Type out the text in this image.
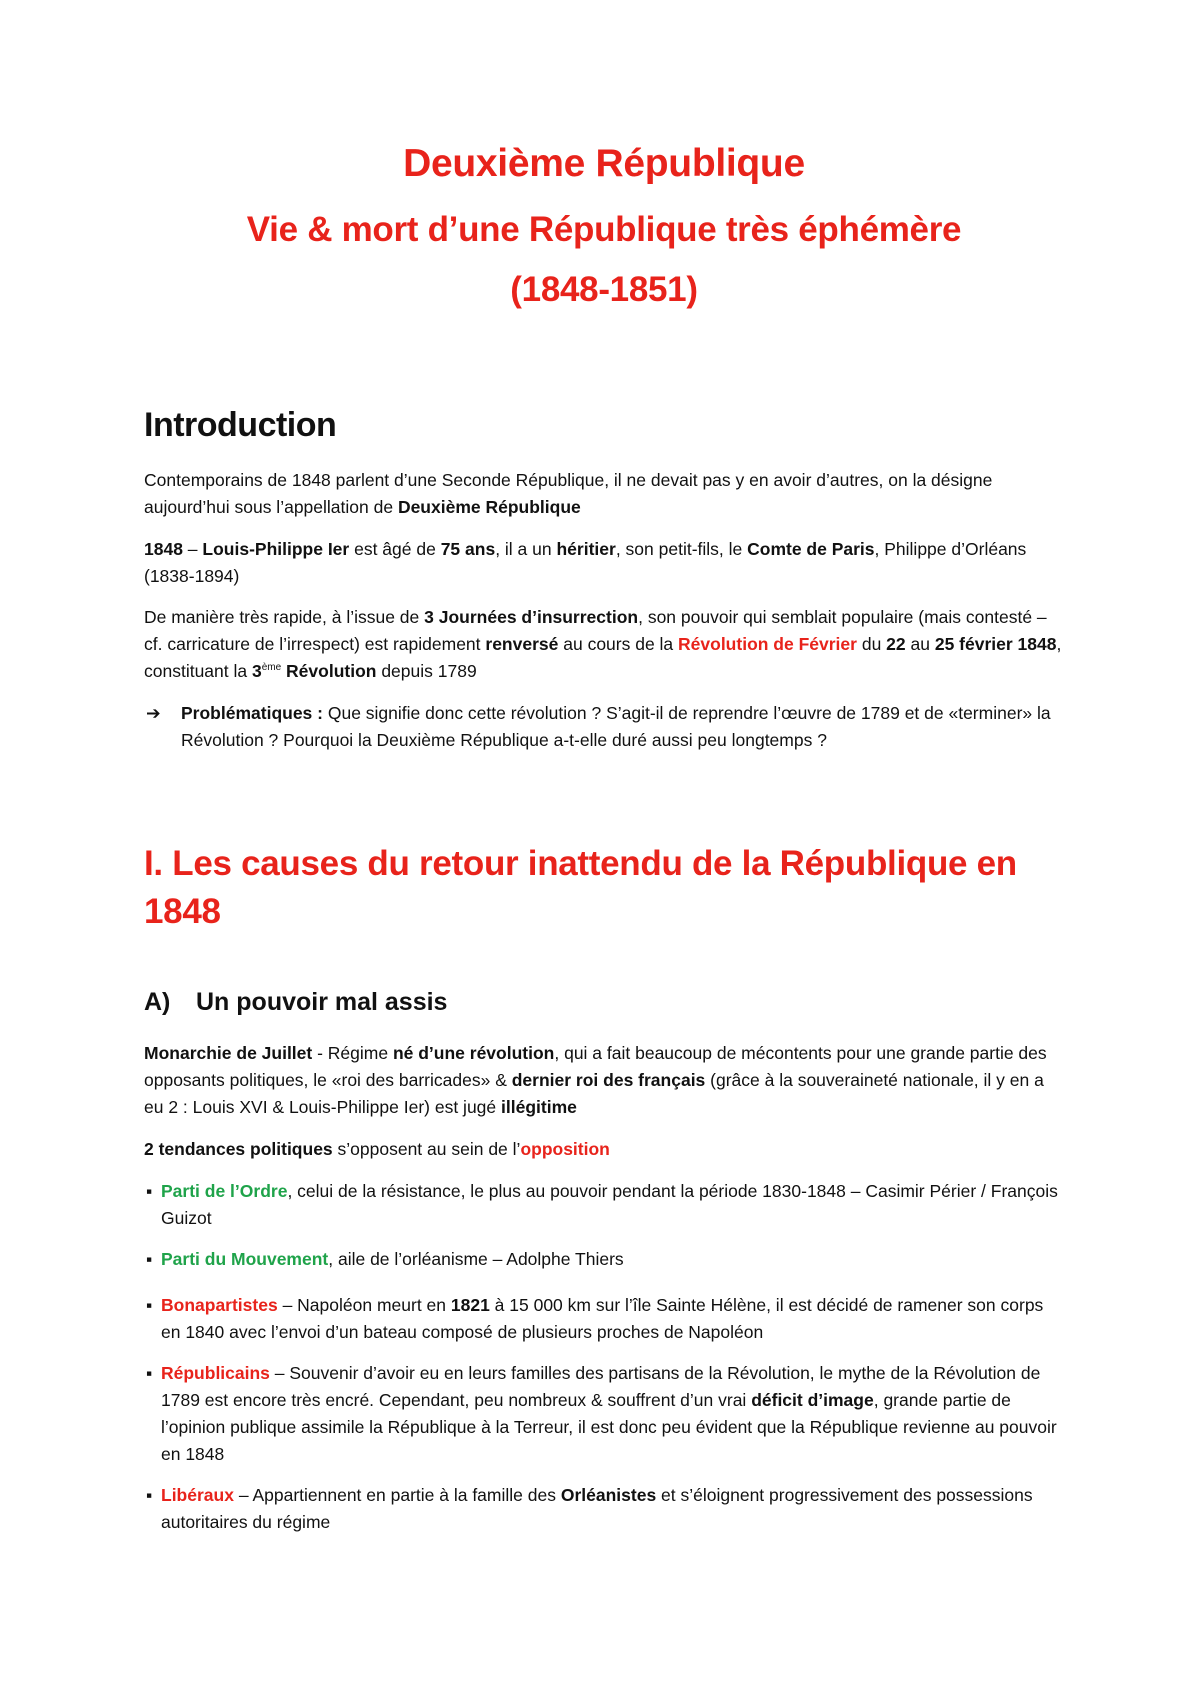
Deuxième République
Vie & mort d’une République très éphémère
(1848-1851)
Introduction

Contemporains de 1848 parlent d’une Seconde République, il ne devait pas y en avoir d’autres, on la désigne aujourd’hui sous l’appellation de Deuxième République

1848 – Louis-Philippe Ier est âgé de 75 ans, il a un héritier, son petit-fils, le Comte de Paris, Philippe d’Orléans (1838-1894)

De manière très rapide, à l’issue de 3 Journées d’insurrection, son pouvoir qui semblait populaire (mais contesté – cf. carricature de l’irrespect) est rapidement renversé au cours de la Révolution de Février du 22 au 25 février 1848, constituant la 3ème Révolution depuis 1789

➔ Problématiques : Que signifie donc cette révolution ? S’agit-il de reprendre l’œuvre de 1789 et de «terminer» la Révolution ? Pourquoi la Deuxième République a-t-elle duré aussi peu longtemps ?
I. Les causes du retour inattendu de la République en 1848
A) Un pouvoir mal assis

Monarchie de Juillet - Régime né d’une révolution, qui a fait beaucoup de mécontents pour une grande partie des opposants politiques, le «roi des barricades» & dernier roi des français (grâce à la souveraineté nationale, il y en a eu 2 : Louis XVI & Louis-Philippe Ier) est jugé illégitime

2 tendances politiques s’opposent au sein de l’opposition

▪ Parti de l’Ordre, celui de la résistance, le plus au pouvoir pendant la période 1830-1848 – Casimir Périer / François Guizot
▪ Parti du Mouvement, aile de l’orléanisme – Adolphe Thiers
▪ Bonapartistes – Napoléon meurt en 1821 à 15 000 km sur l’île Sainte Hélène, il est décidé de ramener son corps en 1840 avec l’envoi d’un bateau composé de plusieurs proches de Napoléon
▪ Républicains – Souvenir d’avoir eu en leurs familles des partisans de la Révolution, le mythe de la Révolution de 1789 est encore très encré. Cependant, peu nombreux & souffrent d’un vrai déficit d’image, grande partie de l’opinion publique assimile la République à la Terreur, il est donc peu évident que la République revienne au pouvoir en 1848
▪ Libéraux – Appartiennent en partie à la famille des Orléanistes et s’éloignent progressivement des possessions autoritaires du régime
